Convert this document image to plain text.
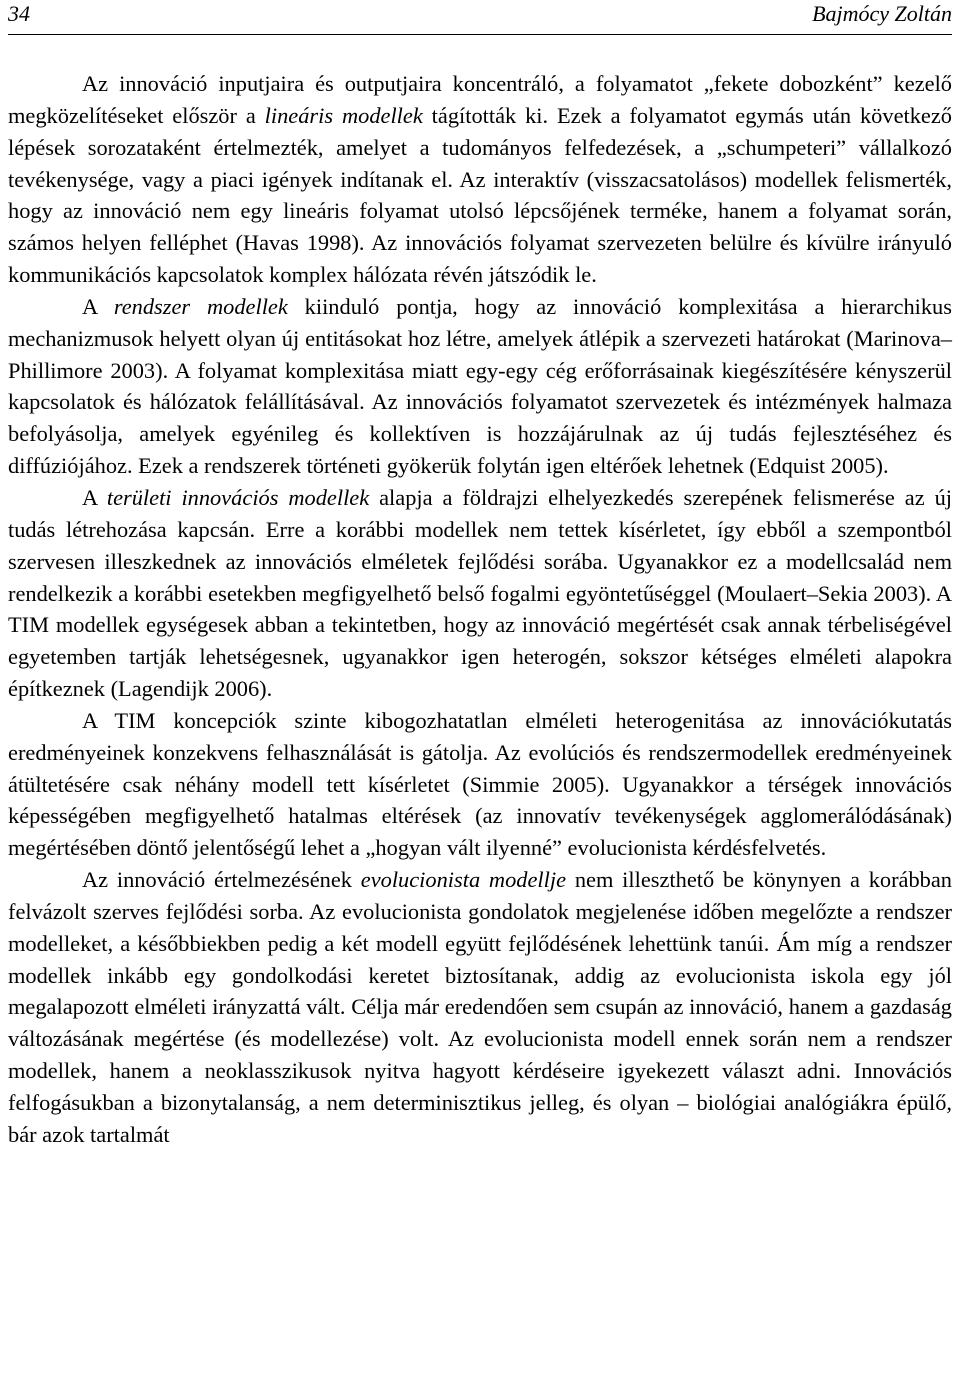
34	Bajmócy Zoltán

Az innováció inputjaira és outputjaira koncentráló, a folyamatot „fekete dobozként” kezelő megközelítéseket először a lineáris modellek tágították ki. Ezek a folyamatot egymás után következő lépések sorozataként értelmezték, amelyet a tudományos felfedezések, a „schumpeteri” vállalkozó tevékenysége, vagy a piaci igények indítanak el. Az interaktív (visszacsatolásos) modellek felismerték, hogy az innováció nem egy lineáris folyamat utolsó lépcsőjének terméke, hanem a folyamat során, számos helyen felléphet (Havas 1998). Az innovációs folyamat szervezeten belülre és kívülre irányuló kommunikációs kapcsolatok komplex hálózata révén játszódik le.

A rendszer modellek kiinduló pontja, hogy az innováció komplexitása a hierarchikus mechanizmusok helyett olyan új entitásokat hoz létre, amelyek átlépik a szervezeti határokat (Marinova–Phillimore 2003). A folyamat komplexitása miatt egy-egy cég erőforrásainak kiegészítésére kényszerül kapcsolatok és hálózatok felállításával. Az innovációs folyamatot szervezetek és intézmények halmaza befolyásolja, amelyek egyénileg és kollektíven is hozzájárulnak az új tudás fejlesztéséhez és diffúziójához. Ezek a rendszerek történeti gyökerük folytán igen eltérőek lehetnek (Edquist 2005).

A területi innovációs modellek alapja a földrajzi elhelyezkedés szerepének felismerése az új tudás létrehozása kapcsán. Erre a korábbi modellek nem tettek kísérletet, így ebből a szempontból szervesen illeszkednek az innovációs elméletek fejlődési sorába. Ugyanakkor ez a modellcsalád nem rendelkezik a korábbi esetekben megfigyelhető belső fogalmi egyöntetűséggel (Moulaert–Sekia 2003). A TIM modellek egységesek abban a tekintetben, hogy az innováció megértését csak annak térbeliségével egyetemben tartják lehetségesnek, ugyanakkor igen heterogén, sokszor kétséges elméleti alapokra építkeznek (Lagendijk 2006).

A TIM koncepciók szinte kibogozhatatlan elméleti heterogenitása az innovációkutatás eredményeinek konzekvens felhasználását is gátolja. Az evolúciós és rendszermodellek eredményeinek átültetésére csak néhány modell tett kísérletet (Simmie 2005). Ugyanakkor a térségek innovációs képességében megfigyelhető hatalmas eltérések (az innovatív tevékenységek agglomerálódásának) megértésében döntő jelentőségű lehet a „hogyan vált ilyenné” evolucionista kérdésfelvetés.

Az innováció értelmezésének evolucionista modellje nem illeszthető be könynyen a korábban felvázolt szerves fejlődési sorba. Az evolucionista gondolatok megjelenése időben megelőzte a rendszer modelleket, a későbbiekben pedig a két modell együtt fejlődésének lehettünk tanúi. Ám míg a rendszer modellek inkább egy gondolkodási keretet biztosítanak, addig az evolucionista iskola egy jól megalapozott elméleti irányzattá vált. Célja már eredendően sem csupán az innováció, hanem a gazdaság változásának megértése (és modellezése) volt. Az evolucionista modell ennek során nem a rendszer modellek, hanem a neoklasszikusok nyitva hagyott kérdéseire igyekezett választ adni. Innovációs felfogásukban a bizonytalanság, a nem determinisztikus jelleg, és olyan – biológiai analógiákra épülő, bár azok tartalmát
